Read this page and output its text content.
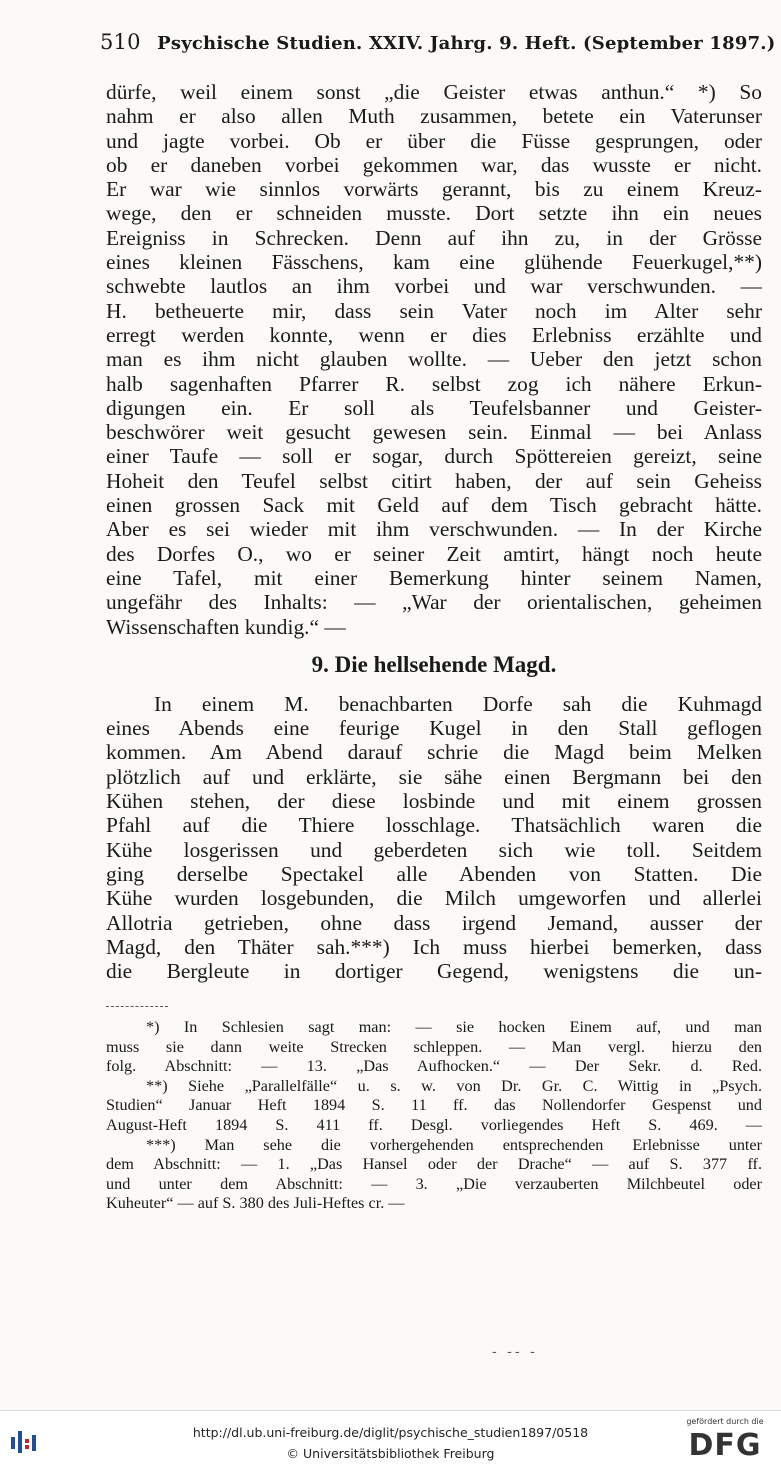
510 Psychische Studien. XXIV. Jahrg. 9. Heft. (September 1897.)
dürfe, weil einem sonst „die Geister etwas anthun.“ *) So
nahm er also allen Muth zusammen, betete ein Vaterunser
und jagte vorbei. Ob er über die Füsse gesprungen, oder
ob er daneben vorbei gekommen war, das wusste er nicht.
Er war wie sinnlos vorwärts gerannt, bis zu einem Kreuz-
wege, den er schneiden musste. Dort setzte ihn ein neues
Ereigniss in Schrecken. Denn auf ihn zu, in der Grösse
eines kleinen Fässchens, kam eine glühende Feuerkugel,**)
schwebte lautlos an ihm vorbei und war verschwunden. —
H. betheuerte mir, dass sein Vater noch im Alter sehr
erregt werden konnte, wenn er dies Erlebniss erzählte und
man es ihm nicht glauben wollte. — Ueber den jetzt schon
halb sagenhaften Pfarrer R. selbst zog ich nähere Erkun-
digungen ein. Er soll als Teufelsbanner und Geister-
beschwörer weit gesucht gewesen sein. Einmal — bei Anlass
einer Taufe — soll er sogar, durch Spöttereien gereizt, seine
Hoheit den Teufel selbst citirt haben, der auf sein Geheiss
einen grossen Sack mit Geld auf dem Tisch gebracht hätte.
Aber es sei wieder mit ihm verschwunden. — In der Kirche
des Dorfes O., wo er seiner Zeit amtirt, hängt noch heute
eine Tafel, mit einer Bemerkung hinter seinem Namen,
ungefähr des Inhalts: — „War der orientalischen, geheimen
Wissenschaften kundig.“ —
9. Die hellsehende Magd.
In einem M. benachbarten Dorfe sah die Kuhmagd
eines Abends eine feurige Kugel in den Stall geflogen
kommen. Am Abend darauf schrie die Magd beim Melken
plötzlich auf und erklärte, sie sähe einen Bergmann bei den
Kühen stehen, der diese losbinde und mit einem grossen
Pfahl auf die Thiere losschlage. Thatsächlich waren die
Kühe losgerissen und geberdeten sich wie toll. Seitdem
ging derselbe Spectakel alle Abenden von Statten. Die
Kühe wurden losgebunden, die Milch umgeworfen und allerlei
Allotria getrieben, ohne dass irgend Jemand, ausser der
Magd, den Thäter sah.***) Ich muss hierbei bemerken, dass
die Bergleute in dortiger Gegend, wenigstens die un-
*) In Schlesien sagt man: — sie hocken Einem auf, und man
muss sie dann weite Strecken schleppen. — Man vergl. hierzu den
folg. Abschnitt: — 13. „Das Aufhocken.“ — Der Sekr. d. Red.
**) Siehe „Parallelfälle“ u. s. w. von Dr. Gr. C. Wittig in „Psych.
Studien“ Januar Heft 1894 S. 11 ff. das Nollendorfer Gespenst und
August-Heft 1894 S. 411 ff. Desgl. vorliegendes Heft S. 469. —
***) Man sehe die vorhergehenden entsprechenden Erlebnisse unter
dem Abschnitt: — 1. „Das Hansel oder der Drache“ — auf S. 377 ff.
und unter dem Abschnitt: — 3. „Die verzauberten Milchbeutel oder
Kuheuter“ — auf S. 380 des Juli-Heftes cr. —
- -- -
http://dl.ub.uni-freiburg.de/diglit/psychische_studien1897/0518
© Universitätsbibliothek Freiburg
gefördert durch die
DFG
